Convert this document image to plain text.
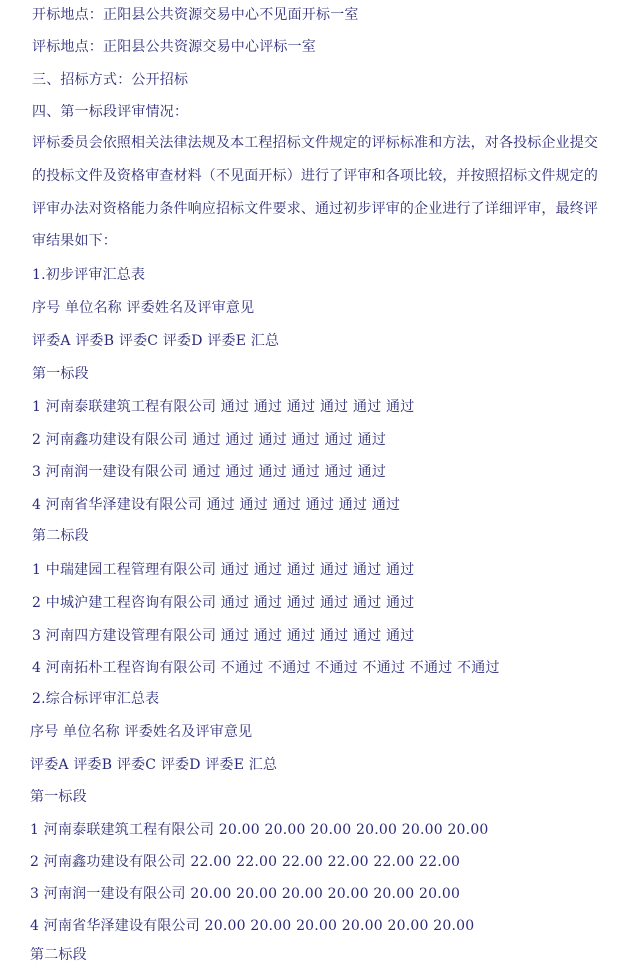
开标地点：正阳县公共资源交易中心不见面开标一室
评标地点：正阳县公共资源交易中心评标一室
三、招标方式：公开招标
四、第一标段评审情况：
评标委员会依照相关法律法规及本工程招标文件规定的评标标准和方法，对各投标企业提交的投标文件及资格审查材料（不见面开标）进行了评审和各项比较，并按照招标文件规定的评审办法对资格能力条件响应招标文件要求、通过初步评审的企业进行了详细评审，最终评审结果如下：
1.初步评审汇总表
序号 单位名称 评委姓名及评审意见
评委A 评委B 评委C 评委D 评委E 汇总
第一标段
1 河南泰联建筑工程有限公司 通过 通过 通过 通过 通过 通过
2 河南鑫功建设有限公司 通过 通过 通过 通过 通过 通过
3 河南润一建设有限公司 通过 通过 通过 通过 通过 通过
4 河南省华泽建设有限公司 通过 通过 通过 通过 通过 通过
第二标段
1 中瑞建园工程管理有限公司 通过 通过 通过 通过 通过 通过
2 中城沪建工程咨询有限公司 通过 通过 通过 通过 通过 通过
3 河南四方建设管理有限公司 通过 通过 通过 通过 通过 通过
4 河南拓朴工程咨询有限公司 不通过 不通过 不通过 不通过 不通过 不通过
2.综合标评审汇总表
序号 单位名称 评委姓名及评审意见
评委A 评委B 评委C 评委D 评委E 汇总
第一标段
1 河南泰联建筑工程有限公司 20.00 20.00 20.00 20.00 20.00 20.00
2 河南鑫功建设有限公司 22.00 22.00 22.00 22.00 22.00 22.00
3 河南润一建设有限公司 20.00 20.00 20.00 20.00 20.00 20.00
4 河南省华泽建设有限公司 20.00 20.00 20.00 20.00 20.00 20.00
第二标段
